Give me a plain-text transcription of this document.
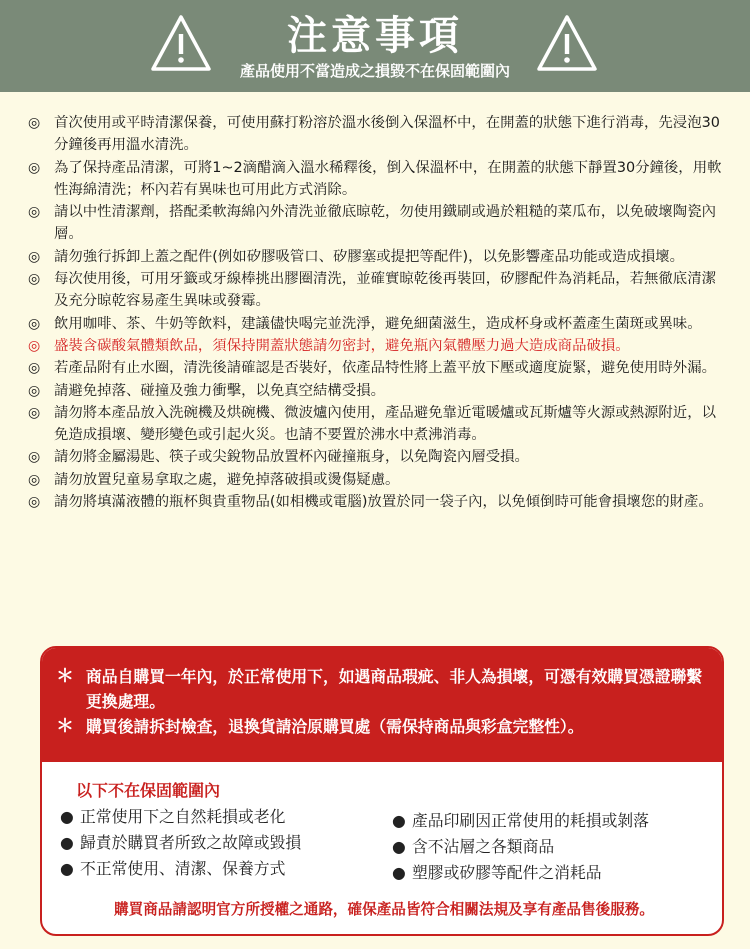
注意事項
產品使用不當造成之損毀不在保固範圍內
◎ 首次使用或平時清潔保養，可使用蘇打粉溶於溫水後倒入保溫杯中，在開蓋的狀態下進行消毒，先浸泡30分鐘後再用溫水清洗。
◎ 為了保持產品清潔，可將1~2滴醋滴入溫水稀釋後，倒入保溫杯中，在開蓋的狀態下靜置30分鐘後，用軟性海綿清洗；杯內若有異味也可用此方式消除。
◎ 請以中性清潔劑，搭配柔軟海綿內外清洗並徹底晾乾，勿使用鐵刷或過於粗糙的菜瓜布，以免破壞陶瓷內層。
◎ 請勿強行拆卸上蓋之配件(例如矽膠吸管口、矽膠塞或提把等配件)，以免影響產品功能或造成損壞。
◎ 每次使用後，可用牙籤或牙線棒挑出膠圈清洗，並確實晾乾後再裝回，矽膠配件為消耗品，若無徹底清潔及充分晾乾容易產生異味或發霉。
◎ 飲用咖啡、茶、牛奶等飲料，建議儘快喝完並洗淨，避免細菌滋生，造成杯身或杯蓋產生菌斑或異味。
◎ 盛裝含碳酸氣體類飲品，須保持開蓋狀態請勿密封，避免瓶內氣體壓力過大造成商品破損。
◎ 若產品附有止水圈，清洗後請確認是否裝好，依產品特性將上蓋平放下壓或適度旋緊，避免使用時外漏。
◎ 請避免掉落、碰撞及強力衝擊，以免真空結構受損。
◎ 請勿將本產品放入洗碗機及烘碗機、微波爐內使用，產品避免靠近電暖爐或瓦斯爐等火源或熱源附近，以免造成損壞、變形變色或引起火災。也請不要置於沸水中煮沸消毒。
◎ 請勿將金屬湯匙、筷子或尖銳物品放置杯內碰撞瓶身，以免陶瓷內層受損。
◎ 請勿放置兒童易拿取之處，避免掉落破損或燙傷疑慮。
◎ 請勿將填滿液體的瓶杯與貴重物品(如相機或電腦)放置於同一袋子內，以免傾倒時可能會損壞您的財產。
＊ 商品自購買一年內，於正常使用下，如遇商品瑕疵、非人為損壞，可憑有效購買憑證聯繫更換處理。
＊ 購買後請拆封檢查，退換貨請洽原購買處（需保持商品與彩盒完整性）。
以下不在保固範圍內
● 正常使用下之自然耗損或老化
● 歸責於購買者所致之故障或毀損
● 不正常使用、清潔、保養方式
● 產品印刷因正常使用的耗損或剝落
● 含不沾層之各類商品
● 塑膠或矽膠等配件之消耗品
購買商品請認明官方所授權之通路，確保產品皆符合相關法規及享有產品售後服務。
